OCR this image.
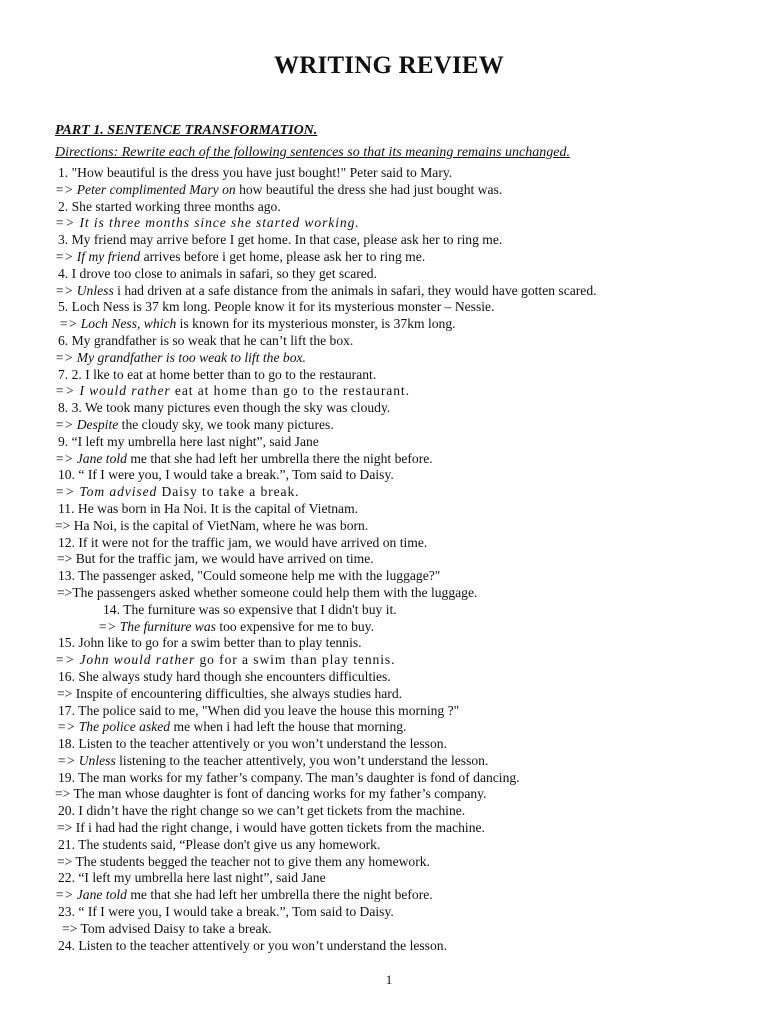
WRITING REVIEW
PART 1. SENTENCE TRANSFORMATION.
Directions: Rewrite each of the following sentences so that its meaning remains unchanged.
1. "How beautiful is the dress you have just bought!" Peter said to Mary.
=> Peter complimented Mary on how beautiful the dress she had just bought was.
2. She started working three months ago.
=> It is three months since she started working.
3. My friend may arrive before I get home. In that case, please ask her to ring me.
=> If my friend arrives before i get home, please ask her to ring me.
4. I drove too close to animals in safari, so they get scared.
=> Unless i had driven at a safe distance from the animals in safari, they would have gotten scared.
5. Loch Ness is 37 km long. People know it for its mysterious monster – Nessie.
=> Loch Ness, which is known for its mysterious monster, is 37km long.
6. My grandfather is so weak that he can’t lift the box.
=> My grandfather is too weak to lift the box.
7. 2. I lke to eat at home better than to go to the restaurant.
=> I would rather eat at home than go to the restaurant.
8. 3. We took many pictures even though the sky was cloudy.
=> Despite the cloudy sky, we took many pictures.
9. “I left my umbrella here last night”, said Jane
=> Jane told me that she had left her umbrella there the night before.
10. “ If I were you, I would take a break.”, Tom said to Daisy.
=> Tom advised Daisy to take a break.
11. He was born in Ha Noi. It is the capital of Vietnam.
=> Ha Noi, is the capital of VietNam, where he was born.
12. If it were not for the traffic jam, we would have arrived on time.
=> But for the traffic jam, we would have arrived on time.
13. The passenger asked, "Could someone help me with the luggage?"
=>The passengers asked whether someone could help them with the luggage.
14. The furniture was so expensive that I didn't buy it.
=> The furniture was too expensive for me to buy.
15. John like to go for a swim better than to play tennis.
=> John would rather go for a swim than play tennis.
16. She always study hard though she encounters difficulties.
=> Inspite of encountering difficulties, she always studies hard.
17. The police said to me, "When did you leave the house this morning ?"
=> The police asked me when i had left the house that morning.
18. Listen to the teacher attentively or you won’t understand the lesson.
=> Unless listening to the teacher attentively, you won’t understand the lesson.
19. The man works for my father’s company. The man’s daughter is fond of dancing.
=> The man whose daughter is font of dancing works for my father’s company.
20. I didn’t have the right change so we can’t get tickets from the machine.
=> If i had had the right change, i would have gotten tickets from the machine.
21. The students said, “Please don't give us any homework.
=> The students begged the teacher not to give them any homework.
22. “I left my umbrella here last night”, said Jane
=> Jane told me that she had left her umbrella there the night before.
23. “ If I were you, I would take a break.”, Tom said to Daisy.
=> Tom advised Daisy to take a break.
24. Listen to the teacher attentively or you won’t understand the lesson.
1
